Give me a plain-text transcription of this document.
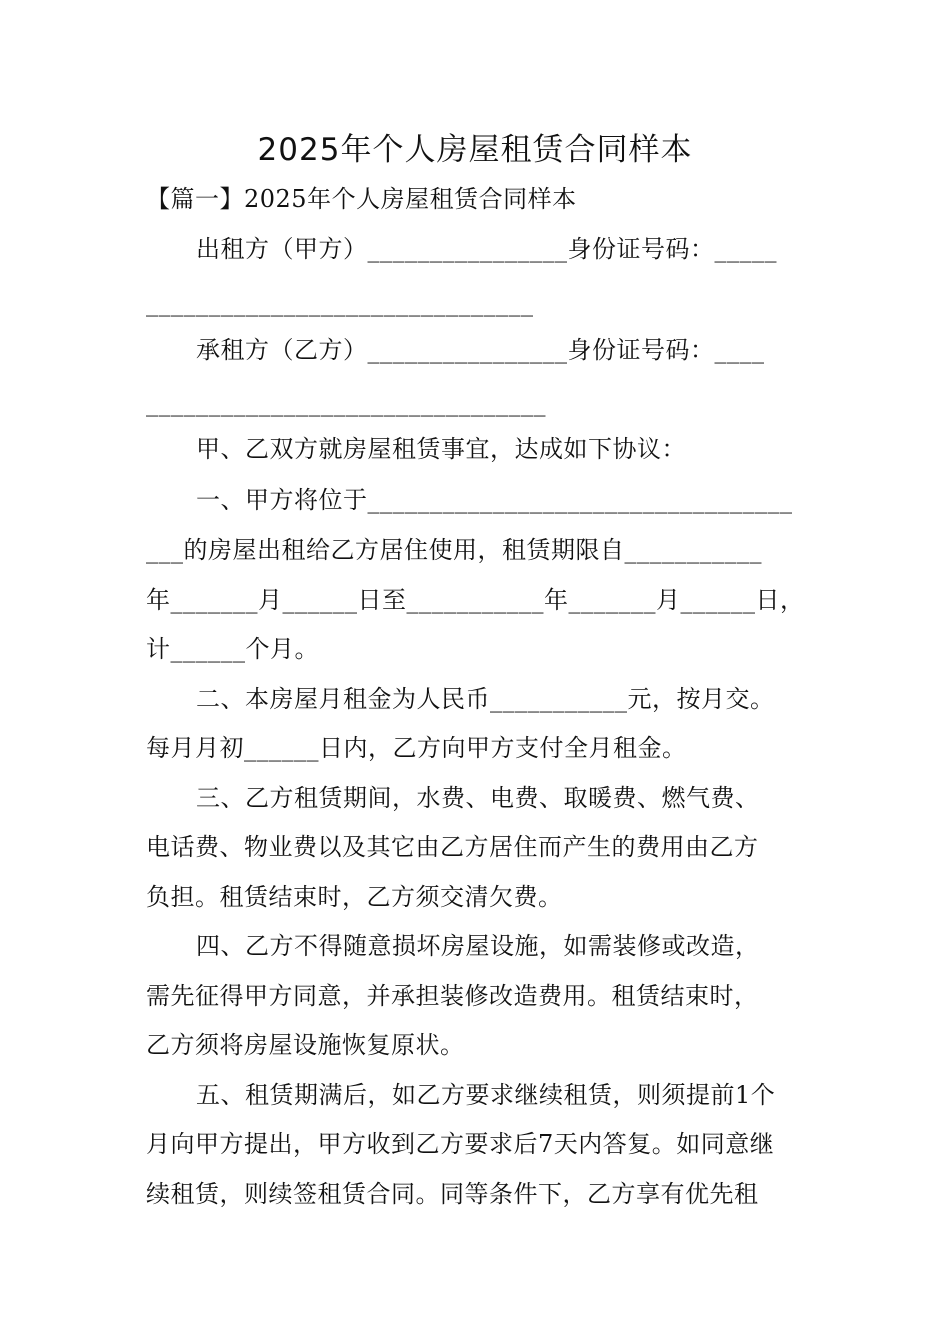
2025年个人房屋租赁合同样本
【篇一】2025年个人房屋租赁合同样本
出租方（甲方）________________身份证号码：_____
_______________________________
承租方（乙方）________________身份证号码：____
________________________________
甲、乙双方就房屋租赁事宜，达成如下协议：
一、甲方将位于__________________________________
___的房屋出租给乙方居住使用，租赁期限自___________
年_______月______日至___________年_______月______日，
计______个月。
二、本房屋月租金为人民币___________元，按月交。
每月月初______日内，乙方向甲方支付全月租金。
三、乙方租赁期间，水费、电费、取暖费、燃气费、
电话费、物业费以及其它由乙方居住而产生的费用由乙方
负担。租赁结束时，乙方须交清欠费。
四、乙方不得随意损坏房屋设施，如需装修或改造，
需先征得甲方同意，并承担装修改造费用。租赁结束时，
乙方须将房屋设施恢复原状。
五、租赁期满后，如乙方要求继续租赁，则须提前1个
月向甲方提出，甲方收到乙方要求后7天内答复。如同意继
续租赁，则续签租赁合同。同等条件下，乙方享有优先租
